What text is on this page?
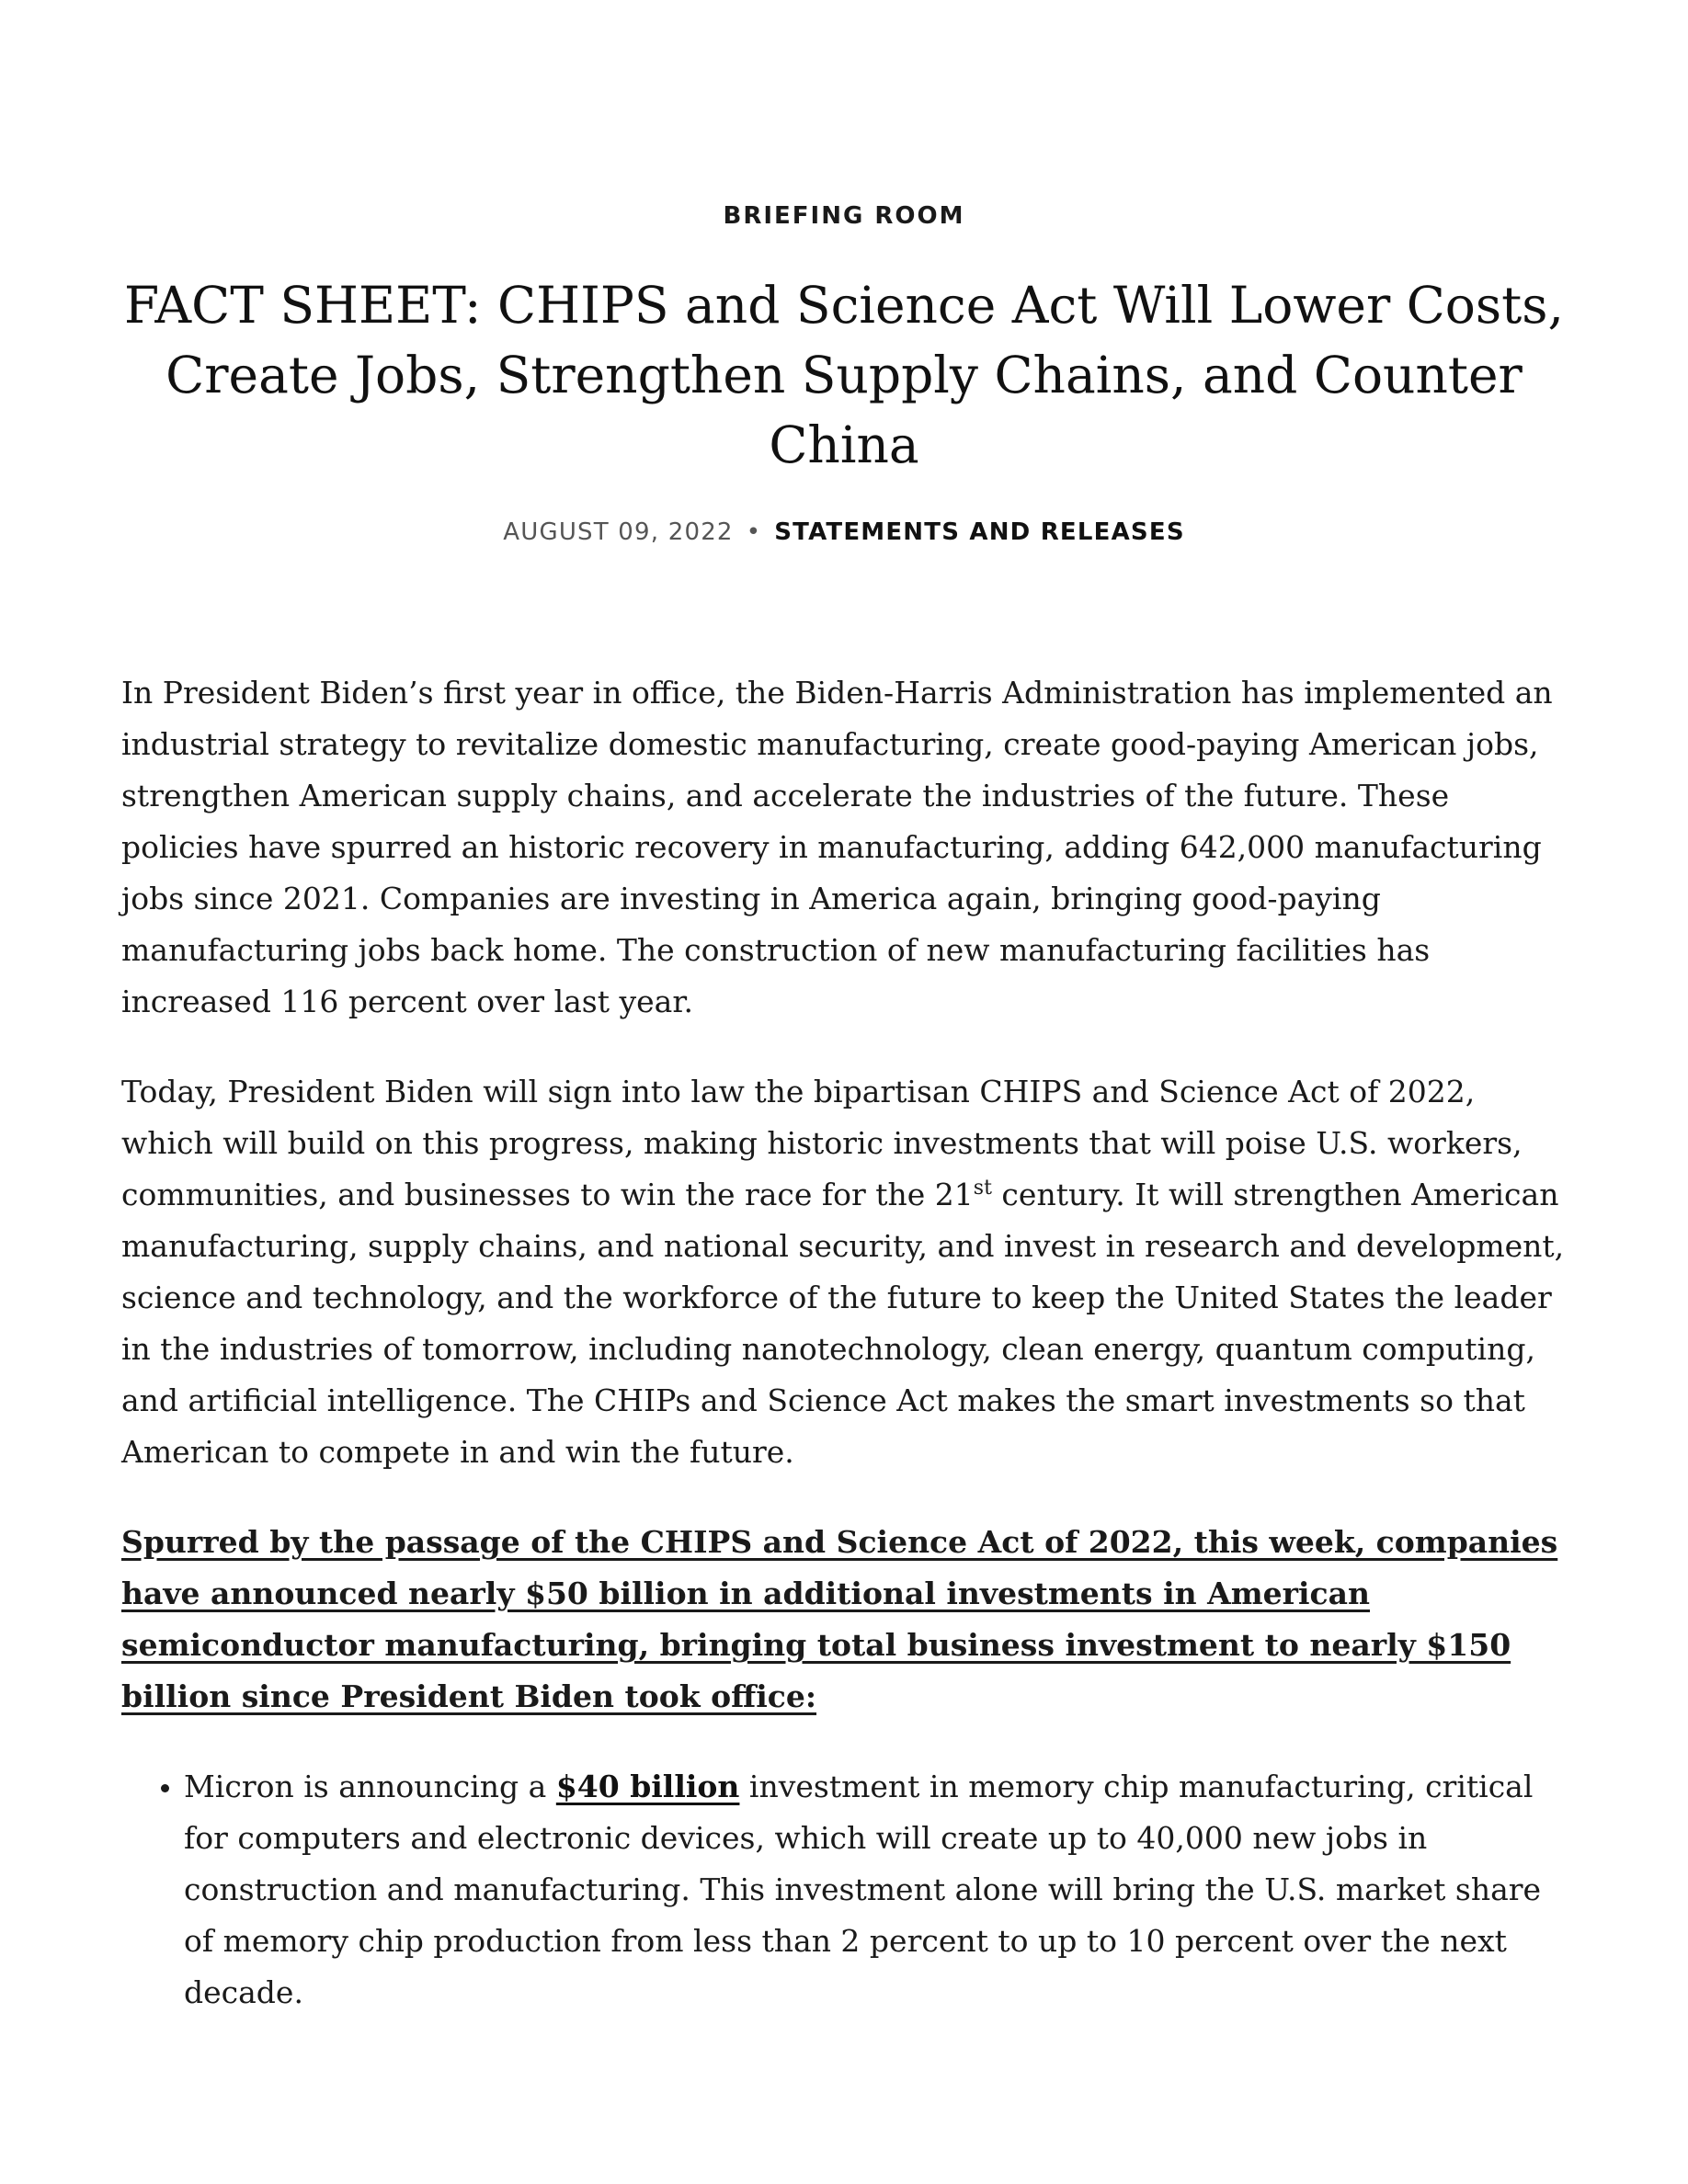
BRIEFING ROOM
FACT SHEET: CHIPS and Science Act Will Lower Costs, Create Jobs, Strengthen Supply Chains, and Counter China
AUGUST 09, 2022 • STATEMENTS AND RELEASES

In President Biden’s first year in office, the Biden-Harris Administration has implemented an industrial strategy to revitalize domestic manufacturing, create good-paying American jobs, strengthen American supply chains, and accelerate the industries of the future. These policies have spurred an historic recovery in manufacturing, adding 642,000 manufacturing jobs since 2021. Companies are investing in America again, bringing good-paying manufacturing jobs back home. The construction of new manufacturing facilities has increased 116 percent over last year.

Today, President Biden will sign into law the bipartisan CHIPS and Science Act of 2022, which will build on this progress, making historic investments that will poise U.S. workers, communities, and businesses to win the race for the 21st century. It will strengthen American manufacturing, supply chains, and national security, and invest in research and development, science and technology, and the workforce of the future to keep the United States the leader in the industries of tomorrow, including nanotechnology, clean energy, quantum computing, and artificial intelligence. The CHIPs and Science Act makes the smart investments so that American to compete in and win the future.

Spurred by the passage of the CHIPS and Science Act of 2022, this week, companies have announced nearly $50 billion in additional investments in American semiconductor manufacturing, bringing total business investment to nearly $150 billion since President Biden took office:

• Micron is announcing a $40 billion investment in memory chip manufacturing, critical for computers and electronic devices, which will create up to 40,000 new jobs in construction and manufacturing. This investment alone will bring the U.S. market share of memory chip production from less than 2 percent to up to 10 percent over the next decade.
